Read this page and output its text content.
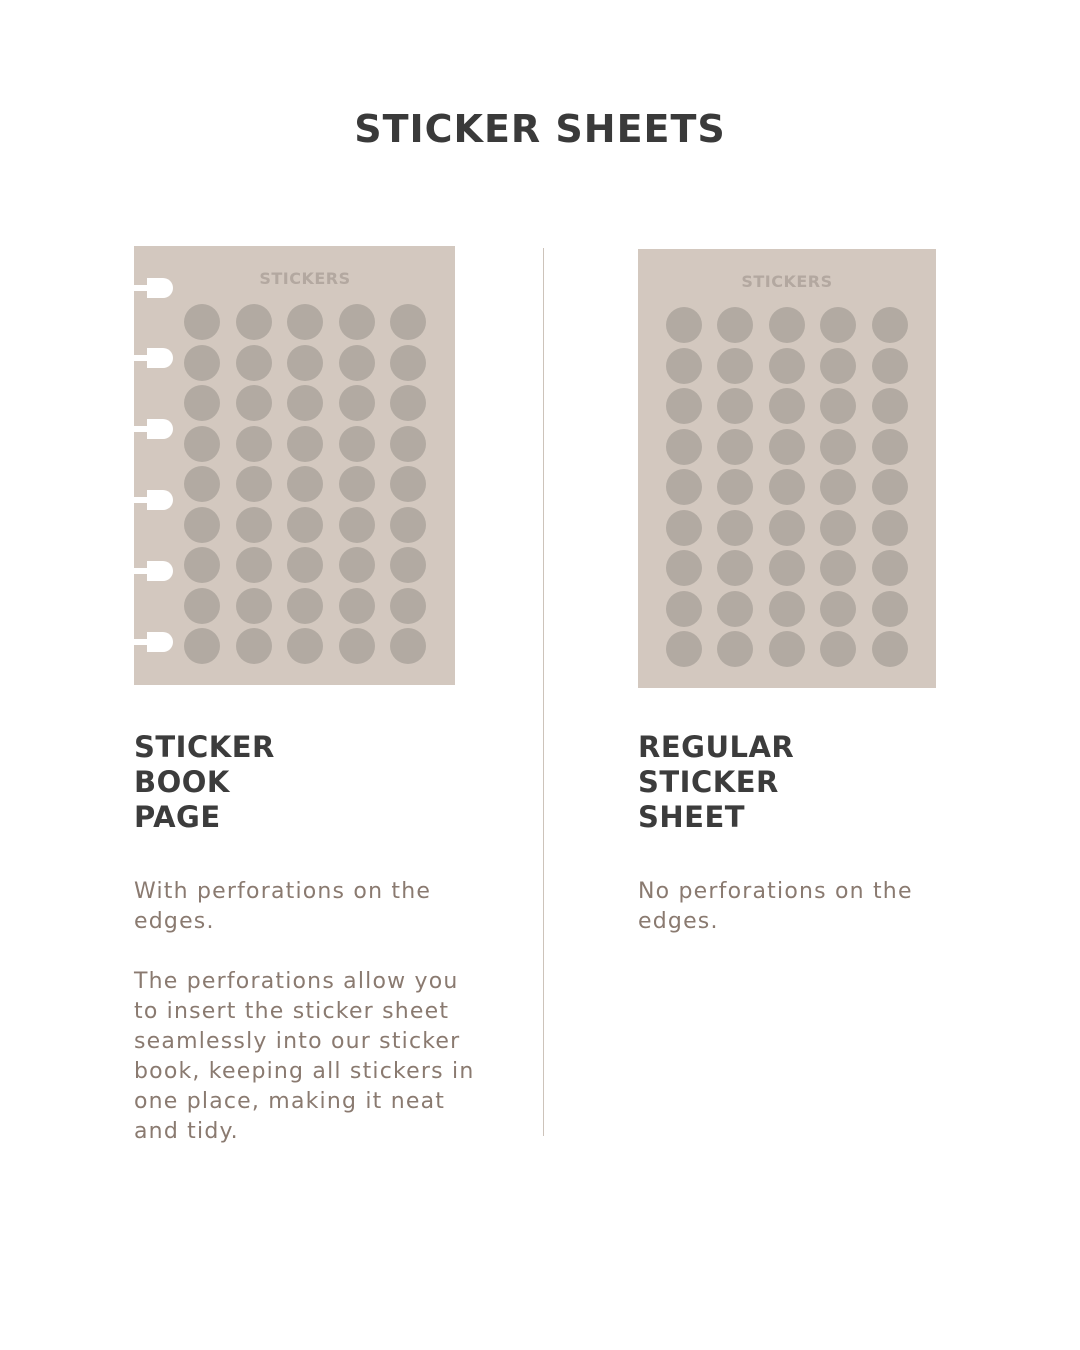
STICKER SHEETS
STICKERS
STICKER
BOOK
PAGE

With perforations on the
edges.

The perforations allow you
to insert the sticker sheet
seamlessly into our sticker
book, keeping all stickers in
one place, making it neat
and tidy.

STICKERS
REGULAR
STICKER
SHEET

No perforations on the
edges.
